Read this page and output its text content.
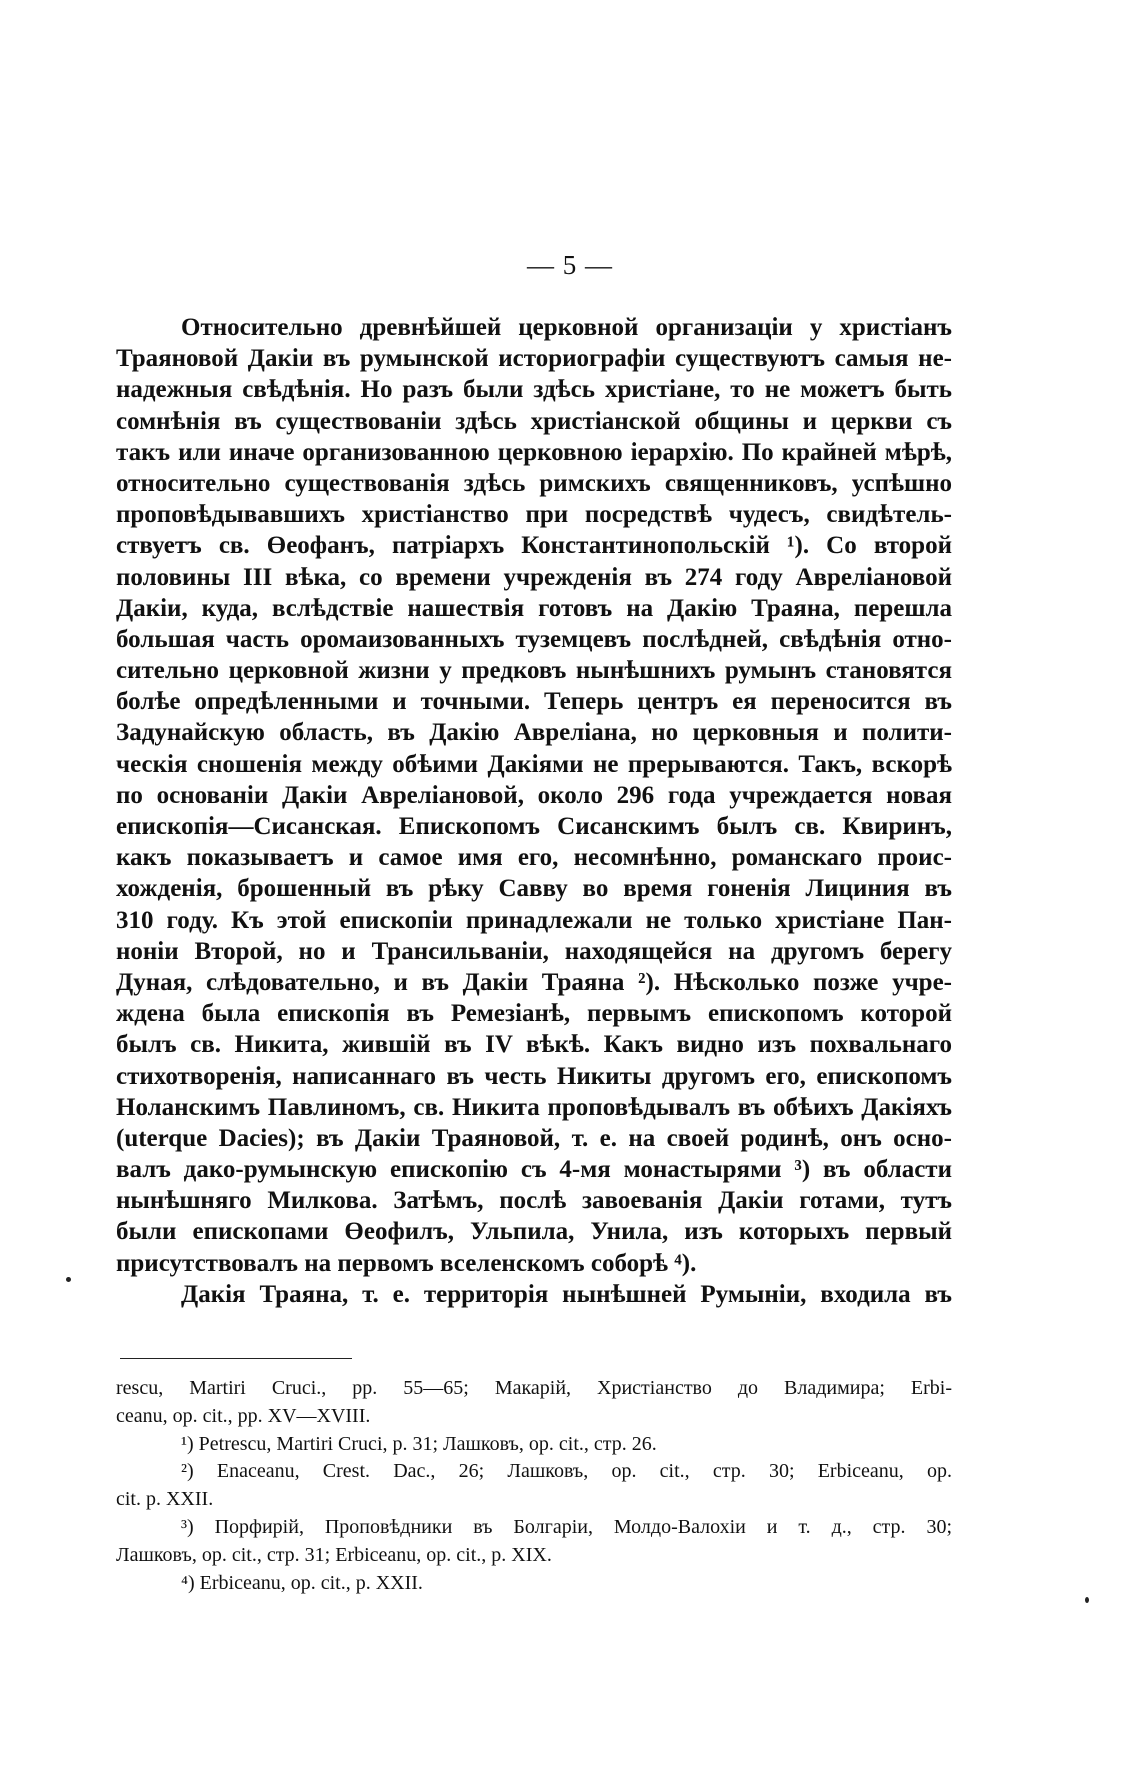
— 5 —
Относительно древнѣйшей церковной организаціи у христіанъ
Траяновой Дакіи въ румынской историографіи существуютъ самыя не-
надежныя свѣдѣнія. Но разъ были здѣсь христіане, то не можетъ быть
сомнѣнія въ существованіи здѣсь христіанской общины и церкви съ
такъ или иначе организованною церковною іерархію. По крайней мѣрѣ,
относительно существованія здѣсь римскихъ священниковъ, успѣшно
проповѣдывавшихъ христіанство при посредствѣ чудесъ, свидѣтель-
ствуетъ св. Өеофанъ, патріархъ Константинопольскій ¹). Со второй
половины III вѣка, со времени учрежденія въ 274 году Авреліановой
Дакіи, куда, вслѣдствіе нашествія готовъ на Дакію Траяна, перешла
большая часть оромаизованныхъ туземцевъ послѣдней, свѣдѣнія отно-
сительно церковной жизни у предковъ нынѣшнихъ румынъ становятся
болѣе опредѣленными и точными. Теперь центръ ея переносится въ
Задунайскую область, въ Дакію Авреліана, но церковныя и полити-
ческія сношенія между обѣими Дакіями не прерываются. Такъ, вскорѣ
по основаніи Дакіи Авреліановой, около 296 года учреждается новая
епископія—Сисанская. Епископомъ Сисанскимъ былъ св. Квиринъ,
какъ показываетъ и самое имя его, несомнѣнно, романскаго проис-
хожденія, брошенный въ рѣку Савву во время гоненія Лициния въ
310 году. Къ этой епископіи принадлежали не только христіане Пан-
ноніи Второй, но и Трансильваніи, находящейся на другомъ берегу
Дуная, слѣдовательно, и въ Дакіи Траяна ²). Нѣсколько позже учре-
ждена была епископія въ Ремезіанѣ, первымъ епископомъ которой
былъ св. Никита, жившій въ IV вѣкѣ. Какъ видно изъ похвальнаго
стихотворенія, написаннаго въ честь Никиты другомъ его, епископомъ
Ноланскимъ Павлиномъ, св. Никита проповѣдывалъ въ обѣихъ Дакіяхъ
(uterque Dacies); въ Дакіи Траяновой, т. е. на своей родинѣ, онъ осно-
валъ дако-румынскую епископію съ 4-мя монастырями ³) въ области
нынѣшняго Милкова. Затѣмъ, послѣ завоеванія Дакіи готами, тутъ
были епископами Өеофилъ, Ульпила, Унила, изъ которыхъ первый
присутствовалъ на первомъ вселенскомъ соборѣ ⁴).
Дакія Траяна, т. е. территорія нынѣшней Румыніи, входила въ
rescu, Martiri Cruci., pp. 55—65; Макарій, Христіанство до Владимира; Erbi-
ceanu, op. cit., pp. XV—XVIII.
¹) Petrescu, Martiri Cruci, p. 31; Лашковъ, op. cit., стр. 26.
²) Enaceanu, Crest. Dac., 26; Лашковъ, op. cit., стр. 30; Erbiceanu, op.
cit. p. XXII.
³) Порфирій, Проповѣдники въ Болгаріи, Молдо-Валохіи и т. д., стр. 30;
Лашковъ, op. cit., стр. 31; Erbiceanu, op. cit., p. XIX.
⁴) Erbiceanu, op. cit., p. XXII.
